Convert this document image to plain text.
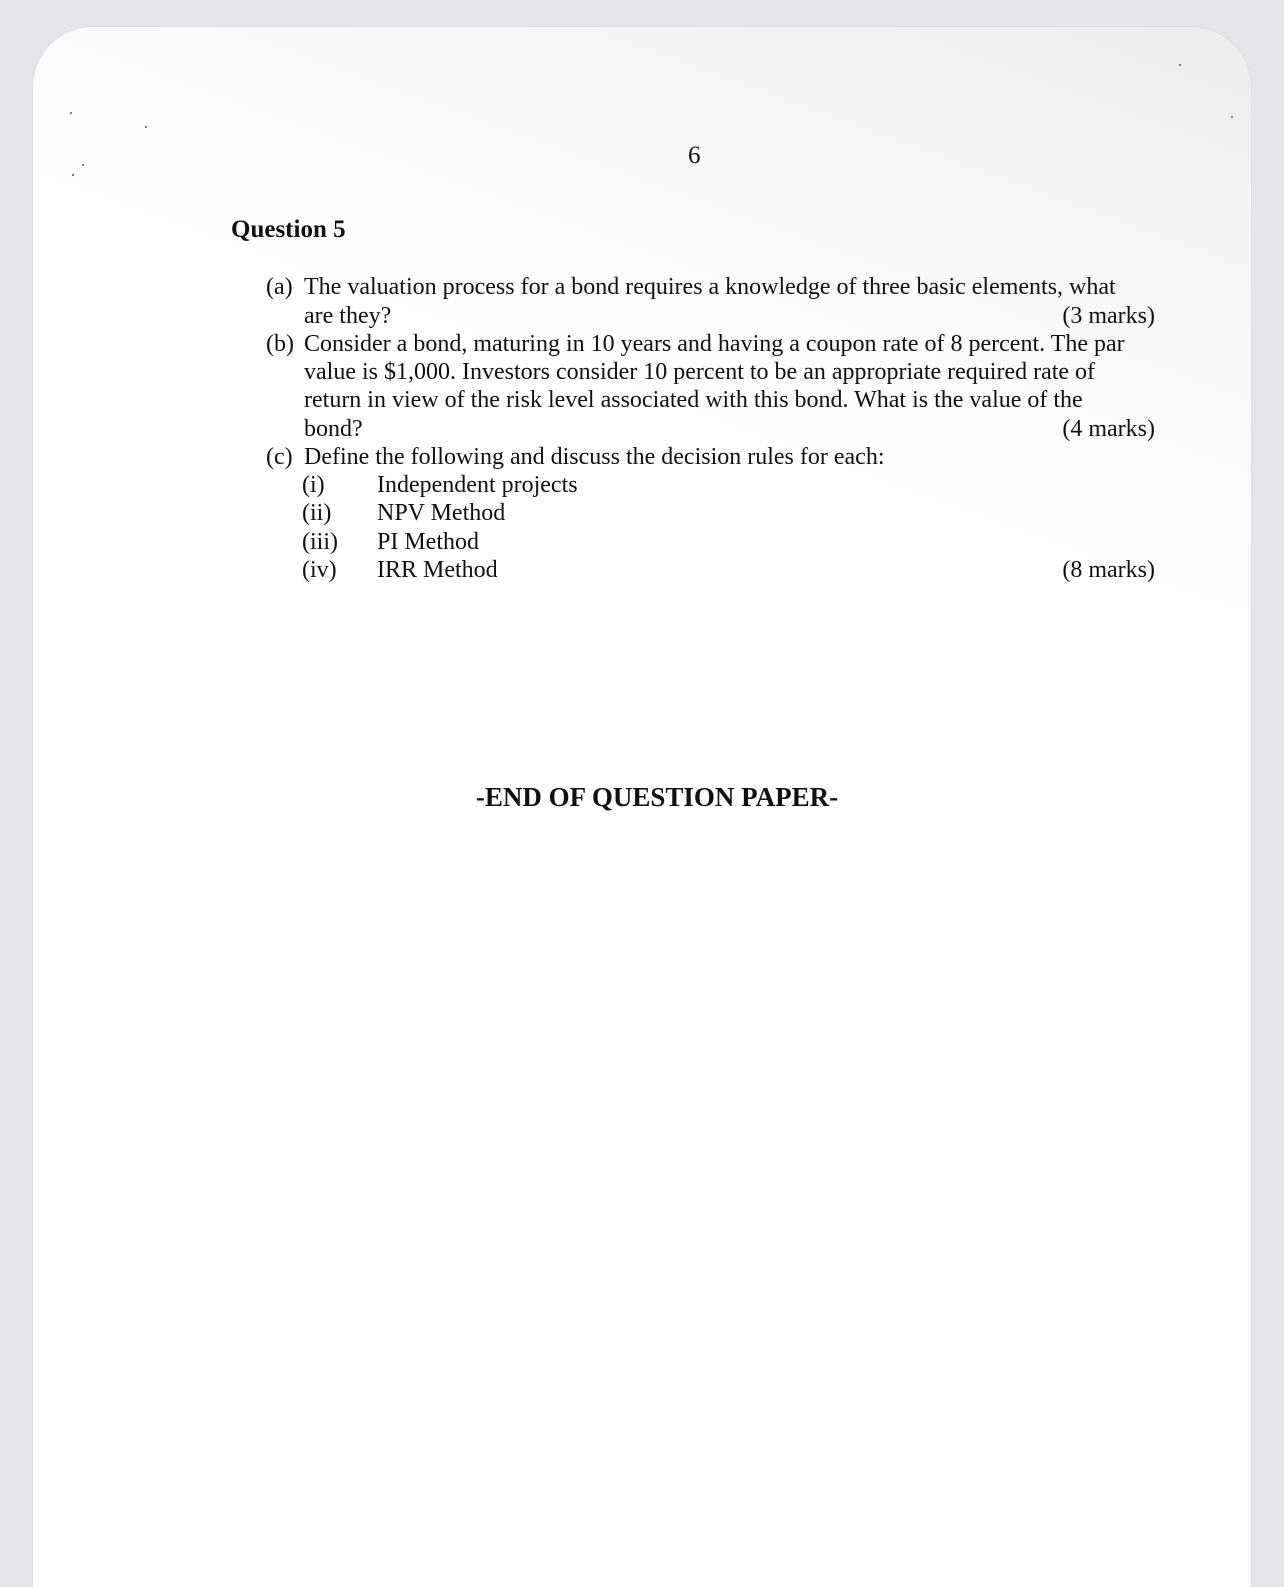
6
Question 5
(a) The valuation process for a bond requires a knowledge of three basic elements, what
are they?	(3 marks)
(b) Consider a bond, maturing in 10 years and having a coupon rate of 8 percent. The par
value is $1,000. Investors consider 10 percent to be an appropriate required rate of
return in view of the risk level associated with this bond. What is the value of the
bond?	(4 marks)
(c) Define the following and discuss the decision rules for each:
(i) Independent projects
(ii) NPV Method
(iii) PI Method
(iv) IRR Method	(8 marks)
-END OF QUESTION PAPER-
